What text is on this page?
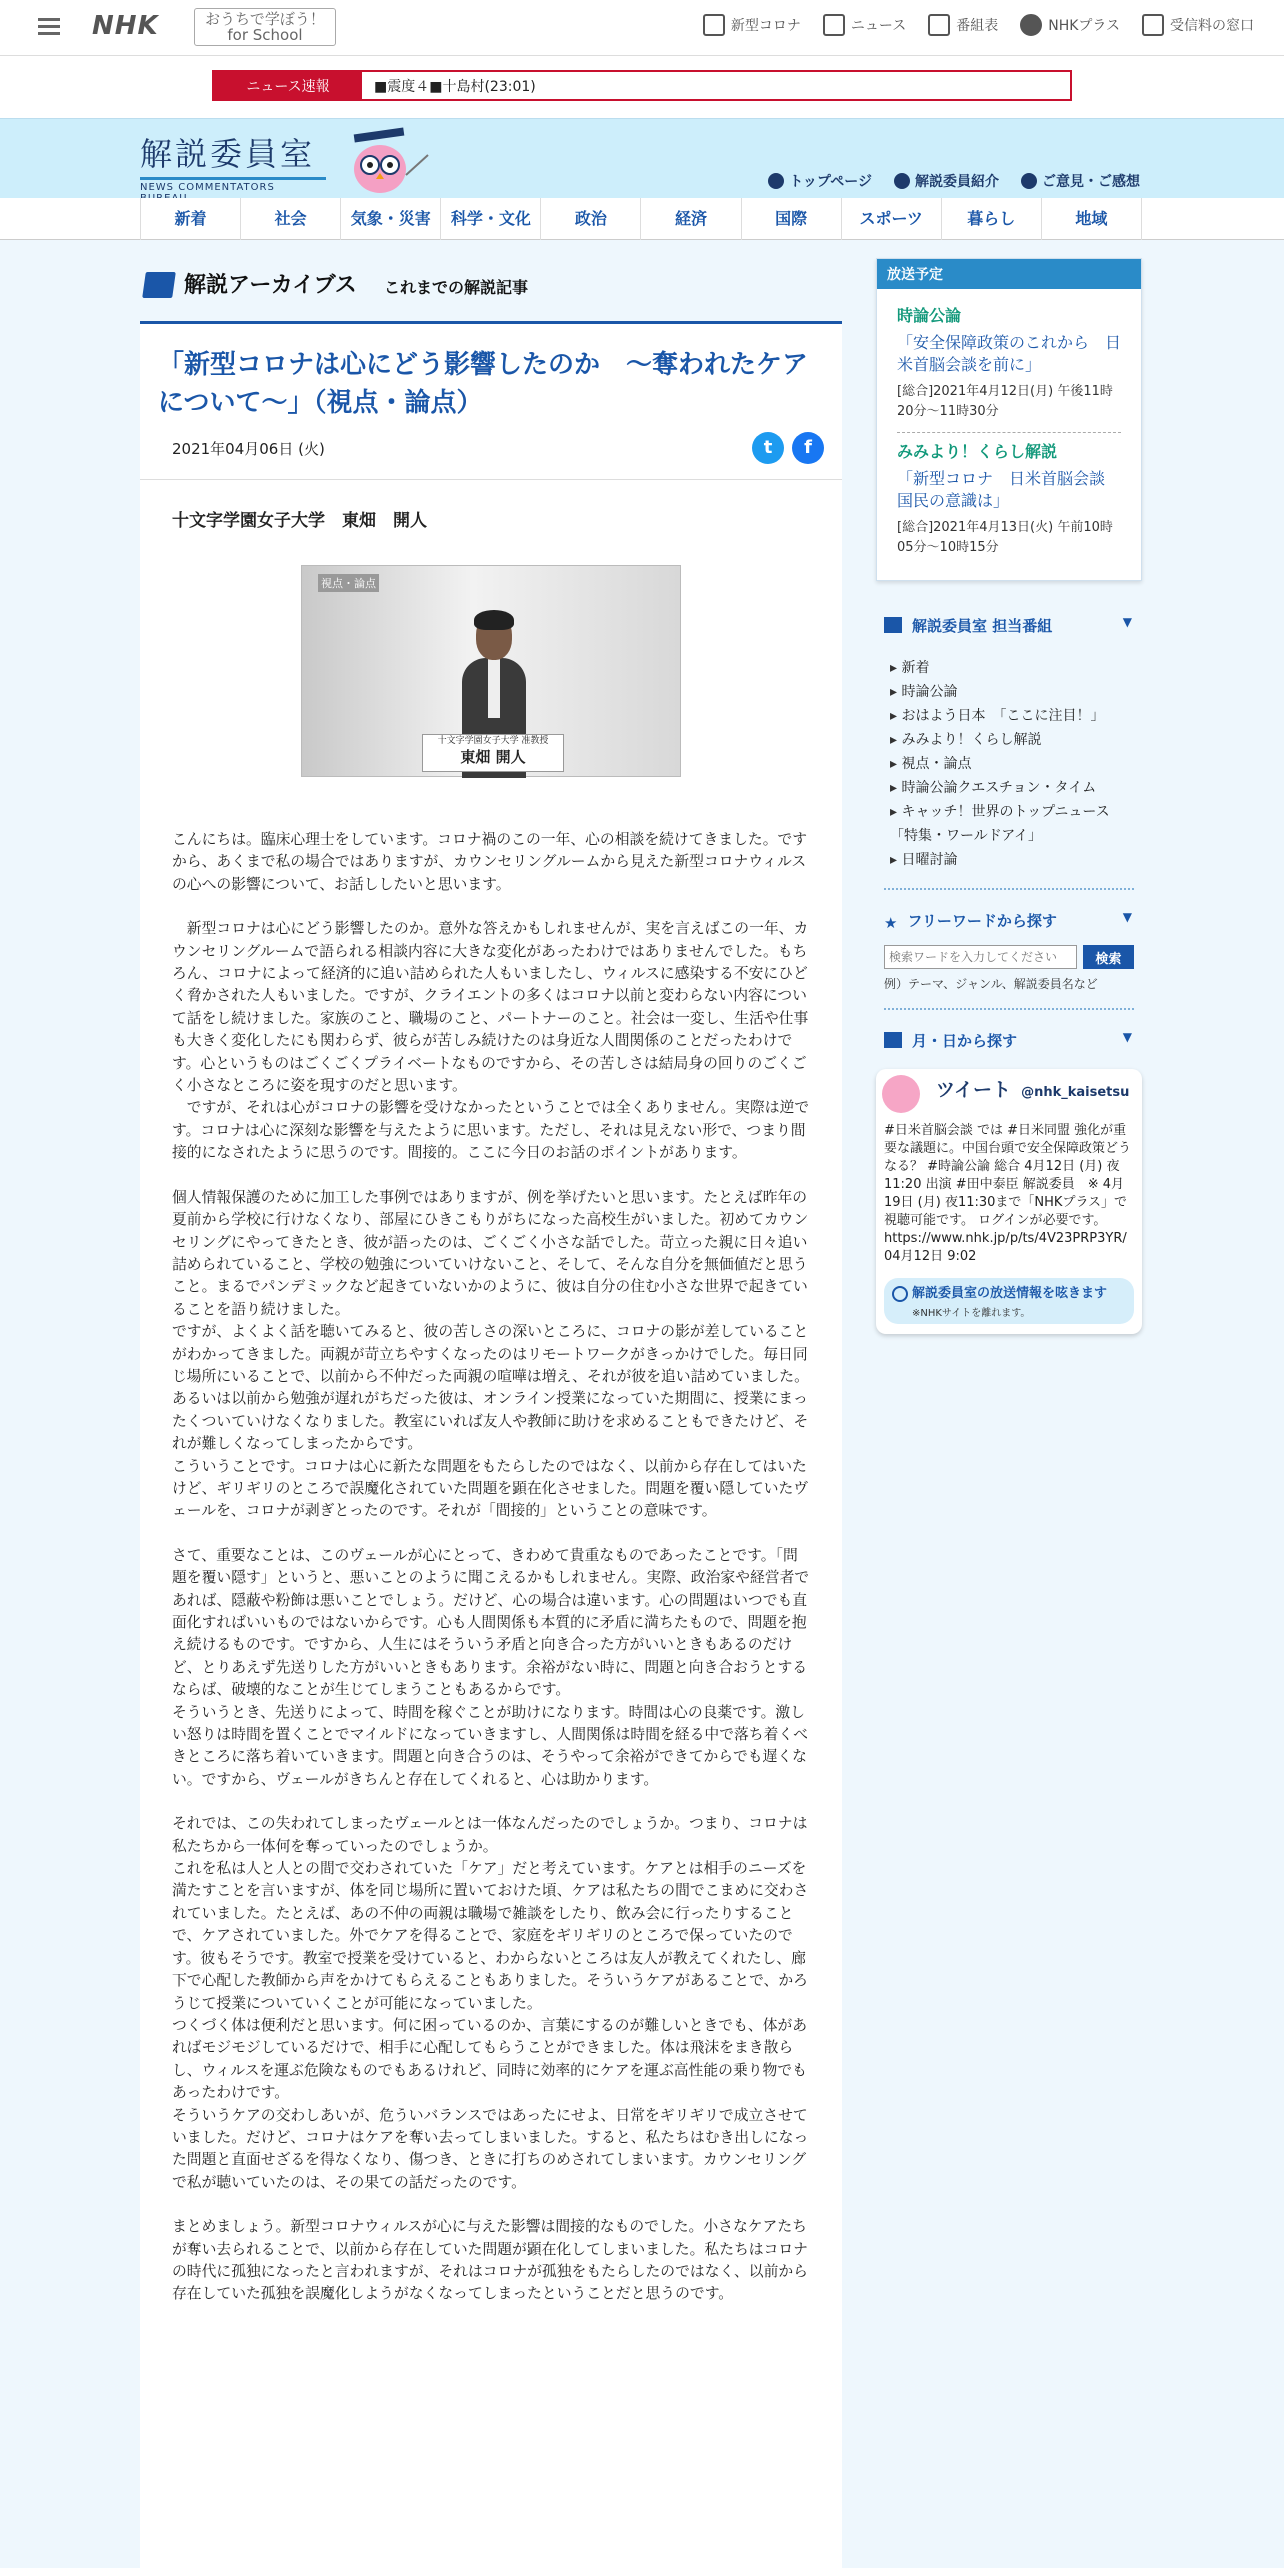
NHK	おうちで学ぼう！
for School	新型コロナ	ニュース	番組表	NHKプラス	受信料の窓口
ニュース速報	■震度４■十島村(23:01)
解説委員室
NEWS COMMENTATORS	トップページ	解説委員紹介	ご意見・ご感想
新着	社会	気象・災害	科学・文化	政治	経済	国際	スポーツ	暮らし	地域
解説アーカイブス これまでの解説記事
「新型コロナは心にどう影響したのか　～奪われたケアについて～」（視点・論点）
2021年04月06日 (火)	t	f
十文字学園女子大学　東畑　開人
視点・論点
十文字学園女子大学 准教授
東畑 開人

こんにちは。臨床心理士をしています。コロナ禍のこの一年、心の相談を続けてきました。ですから、あくまで私の場合ではありますが、カウンセリングルームから見えた新型コロナウィルスの心への影響について、お話ししたいと思います。

　新型コロナは心にどう影響したのか。意外な答えかもしれませんが、実を言えばこの一年、カウンセリングルームで語られる相談内容に大きな変化があったわけではありませんでした。もちろん、コロナによって経済的に追い詰められた人もいましたし、ウィルスに感染する不安にひどく脅かされた人もいました。ですが、クライエントの多くはコロナ以前と変わらない内容について話をし続けました。家族のこと、職場のこと、パートナーのこと。社会は一変し、生活や仕事も大きく変化したにも関わらず、彼らが苦しみ続けたのは身近な人間関係のことだったわけです。心というものはごくごくプライベートなものですから、その苦しさは結局身の回りのごくごく小さなところに姿を現すのだと思います。
　ですが、それは心がコロナの影響を受けなかったということでは全くありません。実際は逆です。コロナは心に深刻な影響を与えたように思います。ただし、それは見えない形で、つまり間接的になされたように思うのです。間接的。ここに今日のお話のポイントがあります。

個人情報保護のために加工した事例ではありますが、例を挙げたいと思います。たとえば昨年の夏前から学校に行けなくなり、部屋にひきこもりがちになった高校生がいました。初めてカウンセリングにやってきたとき、彼が語ったのは、ごくごく小さな話でした。苛立った親に日々追い詰められていること、学校の勉強についていけないこと、そして、そんな自分を無価値だと思うこと。まるでパンデミックなど起きていないかのように、彼は自分の住む小さな世界で起きていることを語り続けました。
ですが、よくよく話を聴いてみると、彼の苦しさの深いところに、コロナの影が差していることがわかってきました。両親が苛立ちやすくなったのはリモートワークがきっかけでした。毎日同じ場所にいることで、以前から不仲だった両親の喧嘩は増え、それが彼を追い詰めていました。あるいは以前から勉強が遅れがちだった彼は、オンライン授業になっていた期間に、授業にまったくついていけなくなりました。教室にいれば友人や教師に助けを求めることもできたけど、それが難しくなってしまったからです。
こういうことです。コロナは心に新たな問題をもたらしたのではなく、以前から存在してはいたけど、ギリギリのところで誤魔化されていた問題を顕在化させました。問題を覆い隠していたヴェールを、コロナが剥ぎとったのです。それが「間接的」ということの意味です。

さて、重要なことは、このヴェールが心にとって、きわめて貴重なものであったことです。「問題を覆い隠す」というと、悪いことのように聞こえるかもしれません。実際、政治家や経営者であれば、隠蔽や粉飾は悪いことでしょう。だけど、心の場合は違います。心の問題はいつでも直面化すればいいものではないからです。心も人間関係も本質的に矛盾に満ちたもので、問題を抱え続けるものです。ですから、人生にはそういう矛盾と向き合った方がいいときもあるのだけど、とりあえず先送りした方がいいときもあります。余裕がない時に、問題と向き合おうとするならば、破壊的なことが生じてしまうこともあるからです。
そういうとき、先送りによって、時間を稼ぐことが助けになります。時間は心の良薬です。激しい怒りは時間を置くことでマイルドになっていきますし、人間関係は時間を経る中で落ち着くべきところに落ち着いていきます。問題と向き合うのは、そうやって余裕ができてからでも遅くない。ですから、ヴェールがきちんと存在してくれると、心は助かります。

それでは、この失われてしまったヴェールとは一体なんだったのでしょうか。つまり、コロナは私たちから一体何を奪っていったのでしょうか。
これを私は人と人との間で交わされていた「ケア」だと考えています。ケアとは相手のニーズを満たすことを言いますが、体を同じ場所に置いておけた頃、ケアは私たちの間でこまめに交わされていました。たとえば、あの不仲の両親は職場で雑談をしたり、飲み会に行ったりすることで、ケアされていました。外でケアを得ることで、家庭をギリギリのところで保っていたのです。彼もそうです。教室で授業を受けていると、わからないところは友人が教えてくれたし、廊下で心配した教師から声をかけてもらえることもありました。そういうケアがあることで、かろうじて授業についていくことが可能になっていました。
つくづく体は便利だと思います。何に困っているのか、言葉にするのが難しいときでも、体があればモジモジしているだけで、相手に心配してもらうことができました。体は飛沫をまき散らし、ウィルスを運ぶ危険なものでもあるけれど、同時に効率的にケアを運ぶ高性能の乗り物でもあったわけです。
そういうケアの交わしあいが、危ういバランスではあったにせよ、日常をギリギリで成立させていました。だけど、コロナはケアを奪い去ってしまいました。すると、私たちはむき出しになった問題と直面せざるを得なくなり、傷つき、ときに打ちのめされてしまいます。カウンセリングで私が聴いていたのは、その果ての話だったのです。

まとめましょう。新型コロナウィルスが心に与えた影響は間接的なものでした。小さなケアたちが奪い去られることで、以前から存在していた問題が顕在化してしまいました。私たちはコロナの時代に孤独になったと言われますが、それはコロナが孤独をもたらしたのではなく、以前から存在していた孤独を誤魔化しようがなくなってしまったということだと思うのです。

放送予定
時論公論
「安全保障政策のこれから　日米首脳会談を前に」
[総合]2021年4月12日(月) 午後11時20分～11時30分
みみより！くらし解説
「新型コロナ　日米首脳会談　国民の意識は」
[総合]2021年4月13日(火) 午前10時05分～10時15分
解説委員室 担当番組	▼
▸ 新着
▸ 時論公論
▸ おはよう日本　「ここに注目！」
▸ みみより！くらし解説
▸ 視点・論点
▸ 時論公論クエスチョン・タイム
▸ キャッチ！世界のトップニュース　「特集・ワールドアイ」
▸ 日曜討論
★ フリーワードから探す	▼
検索ワードを入力してください
検索
例）テーマ、ジャンル、解説委員名など
月・日から探す	▼
ツイート @nhk_kaisetsu
#日米首脳会談 では #日米同盟 強化が重要な議題に。中国台頭で安全保障政策どうなる？ #時論公論 総合 4月12日 (月) 夜11:20 出演 #田中泰臣 解説委員　※ 4月19日 (月) 夜11:30まで「NHKプラス」で視聴可能です。 ログインが必要です。
https://www.nhk.jp/p/ts/4V23PRP3YR/
04月12日 9:02
解説委員室の放送情報を呟きます
※NHKサイトを離れます。
